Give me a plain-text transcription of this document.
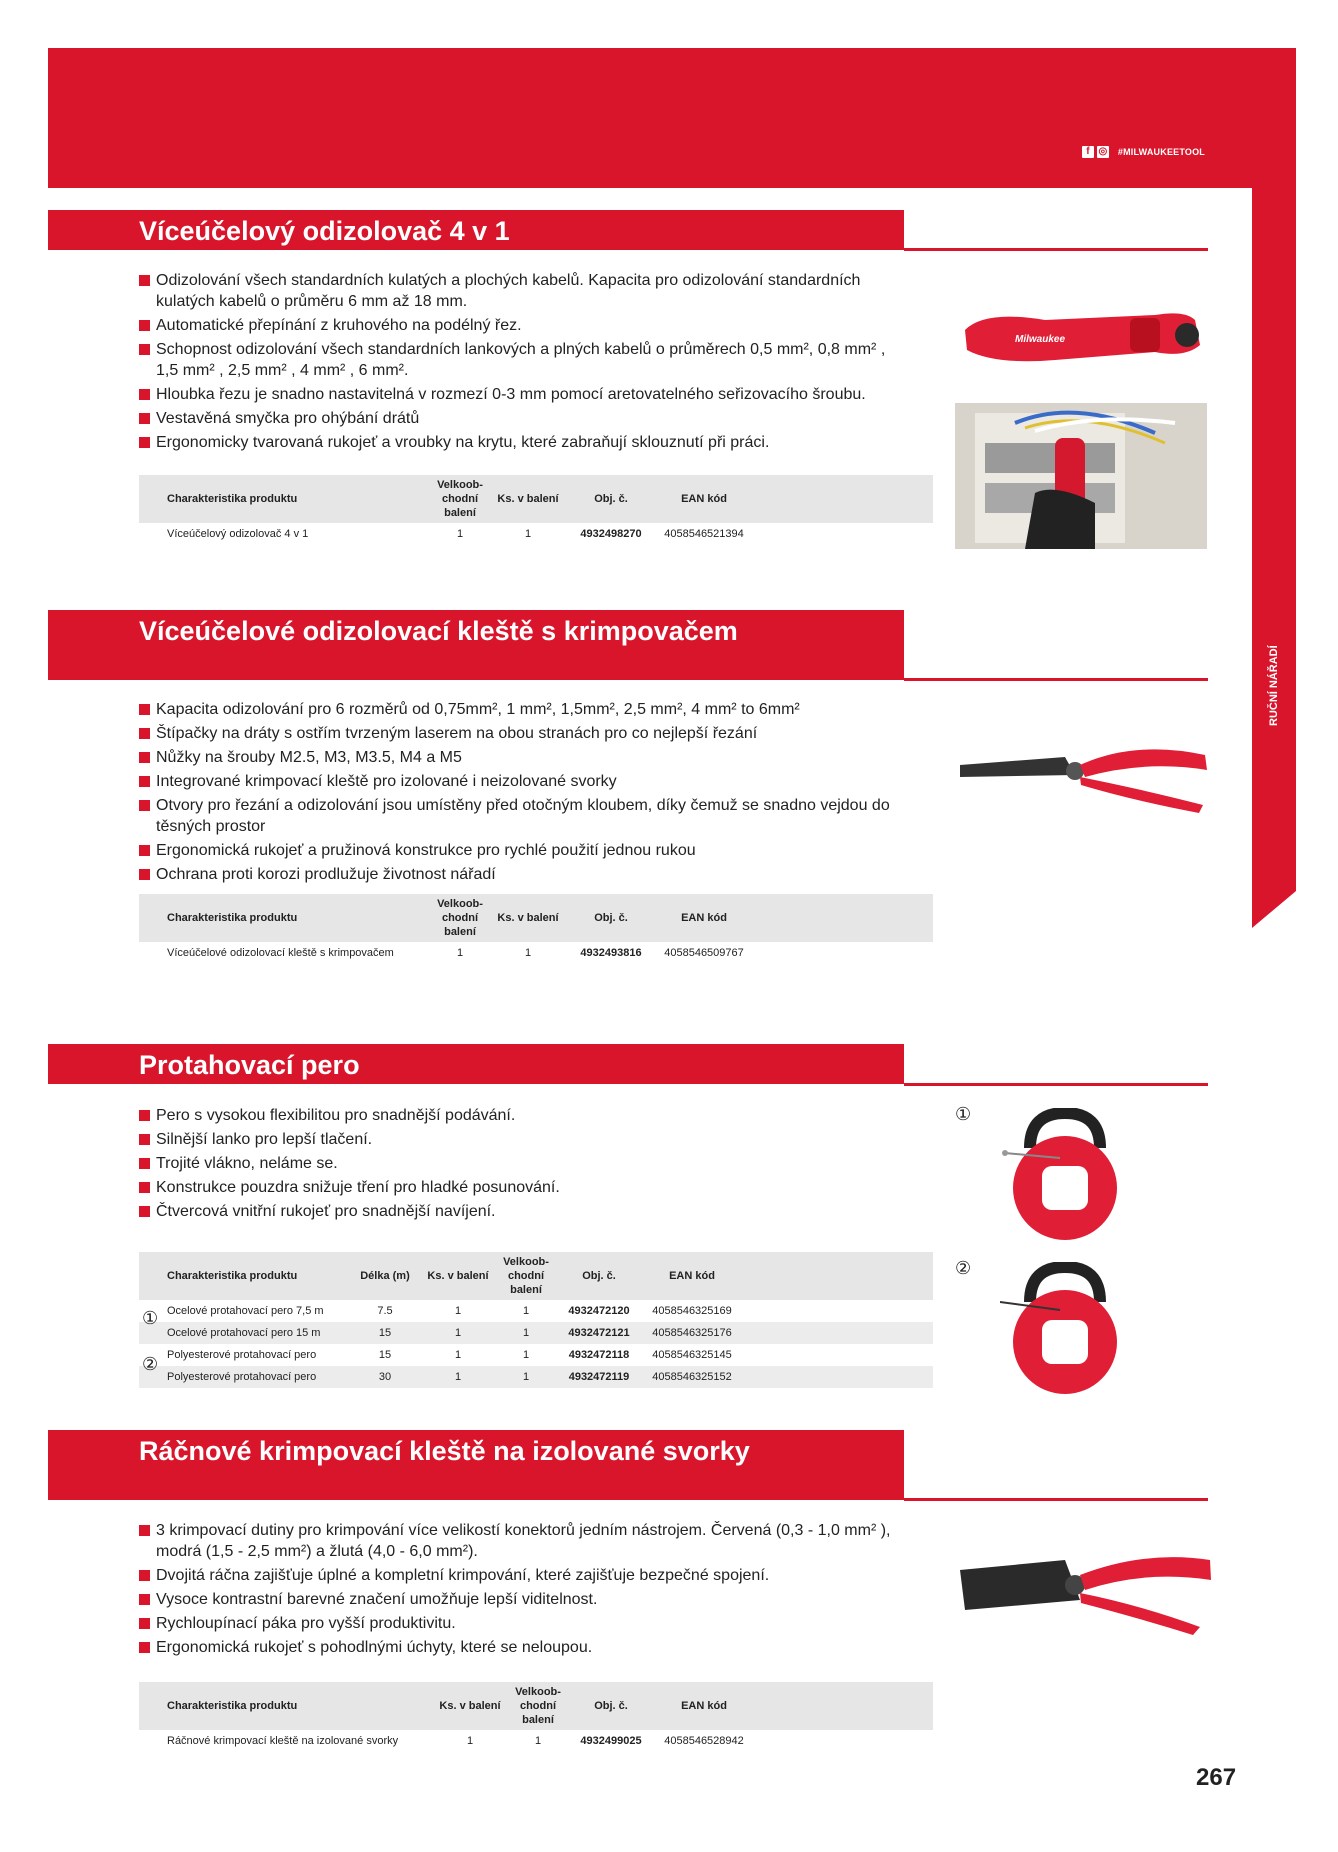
f ◎ #MILWAUKEETOOL
milwaukeetool.cz
RUČNÍ NÁŘADÍ
Víceúčelový odizolovač 4 v 1
Odizolování všech standardních kulatých a plochých kabelů. Kapacita pro odizolování standardních kulatých kabelů o průměru 6 mm až 18 mm.
Automatické přepínání z kruhového na podélný řez.
Schopnost odizolování všech standardních lankových a plných kabelů o průměrech 0,5 mm², 0,8 mm² , 1,5 mm² , 2,5 mm² , 4 mm² , 6 mm².
Hloubka řezu je snadno nastavitelná v rozmezí 0-3 mm pomocí aretovatelného seřizovacího šroubu.
Vestavěná smyčka pro ohýbání drátů
Ergonomicky tvarovaná rukojeť a vroubky na krytu, které zabraňují sklouznutí při práci.
Charakteristika produktu	Velkoob-chodní balení	Ks. v balení	Obj. č.	EAN kód	
Víceúčelový odizolovač 4 v 1	1	1	4932498270	4058546521394	
Milwaukee
Víceúčelové odizolovací kleště s krimpovačem
Kapacita odizolování pro 6 rozměrů od 0,75mm², 1 mm², 1,5mm², 2,5 mm², 4 mm² to 6mm²
Štípačky na dráty s ostřím tvrzeným laserem na obou stranách pro co nejlepší řezání
Nůžky na šrouby M2.5, M3, M3.5, M4 a M5
Integrované krimpovací kleště pro izolované i neizolované svorky
Otvory pro řezání a odizolování jsou umístěny před otočným kloubem, díky čemuž se snadno vejdou do těsných prostor
Ergonomická rukojeť a pružinová konstrukce pro rychlé použití jednou rukou
Ochrana proti korozi prodlužuje životnost nářadí
Charakteristika produktu	Velkoob-chodní balení	Ks. v balení	Obj. č.	EAN kód	
Víceúčelové odizolovací kleště s krimpovačem	1	1	4932493816	4058546509767	
Protahovací pero
Pero s vysokou flexibilitou pro snadnější podávání.
Silnější lanko pro lepší tlačení.
Trojité vlákno, neláme se.
Konstrukce pouzdra snižuje tření pro hladké posunování.
Čtvercová vnitřní rukojeť pro snadnější navíjení.
Charakteristika produktu	Délka (m)	Ks. v balení	Velkoob-chodní balení	Obj. č.	EAN kód	
Ocelové protahovací pero 7,5 m	7.5	1	1	4932472120	4058546325169	
Ocelové protahovací pero 15 m	15	1	1	4932472121	4058546325176	
Polyesterové protahovací pero	15	1	1	4932472118	4058546325145	
Polyesterové protahovací pero	30	1	1	4932472119	4058546325152	
①
②
①
②
Ráčnové krimpovací kleště na izolované svorky
3 krimpovací dutiny pro krimpování více velikostí konektorů jedním nástrojem. Červená (0,3 - 1,0 mm² ), modrá (1,5 - 2,5 mm²) a žlutá (4,0 - 6,0 mm²).
Dvojitá ráčna zajišťuje úplné a kompletní krimpování, které zajišťuje bezpečné spojení.
Vysoce kontrastní barevné značení umožňuje lepší viditelnost.
Rychloupínací páka pro vyšší produktivitu.
Ergonomická rukojeť s pohodlnými úchyty, které se neloupou.
Charakteristika produktu	Ks. v balení	Velkoob-chodní balení	Obj. č.	EAN kód	
Ráčnové krimpovací kleště na izolované svorky	1	1	4932499025	4058546528942	
267
